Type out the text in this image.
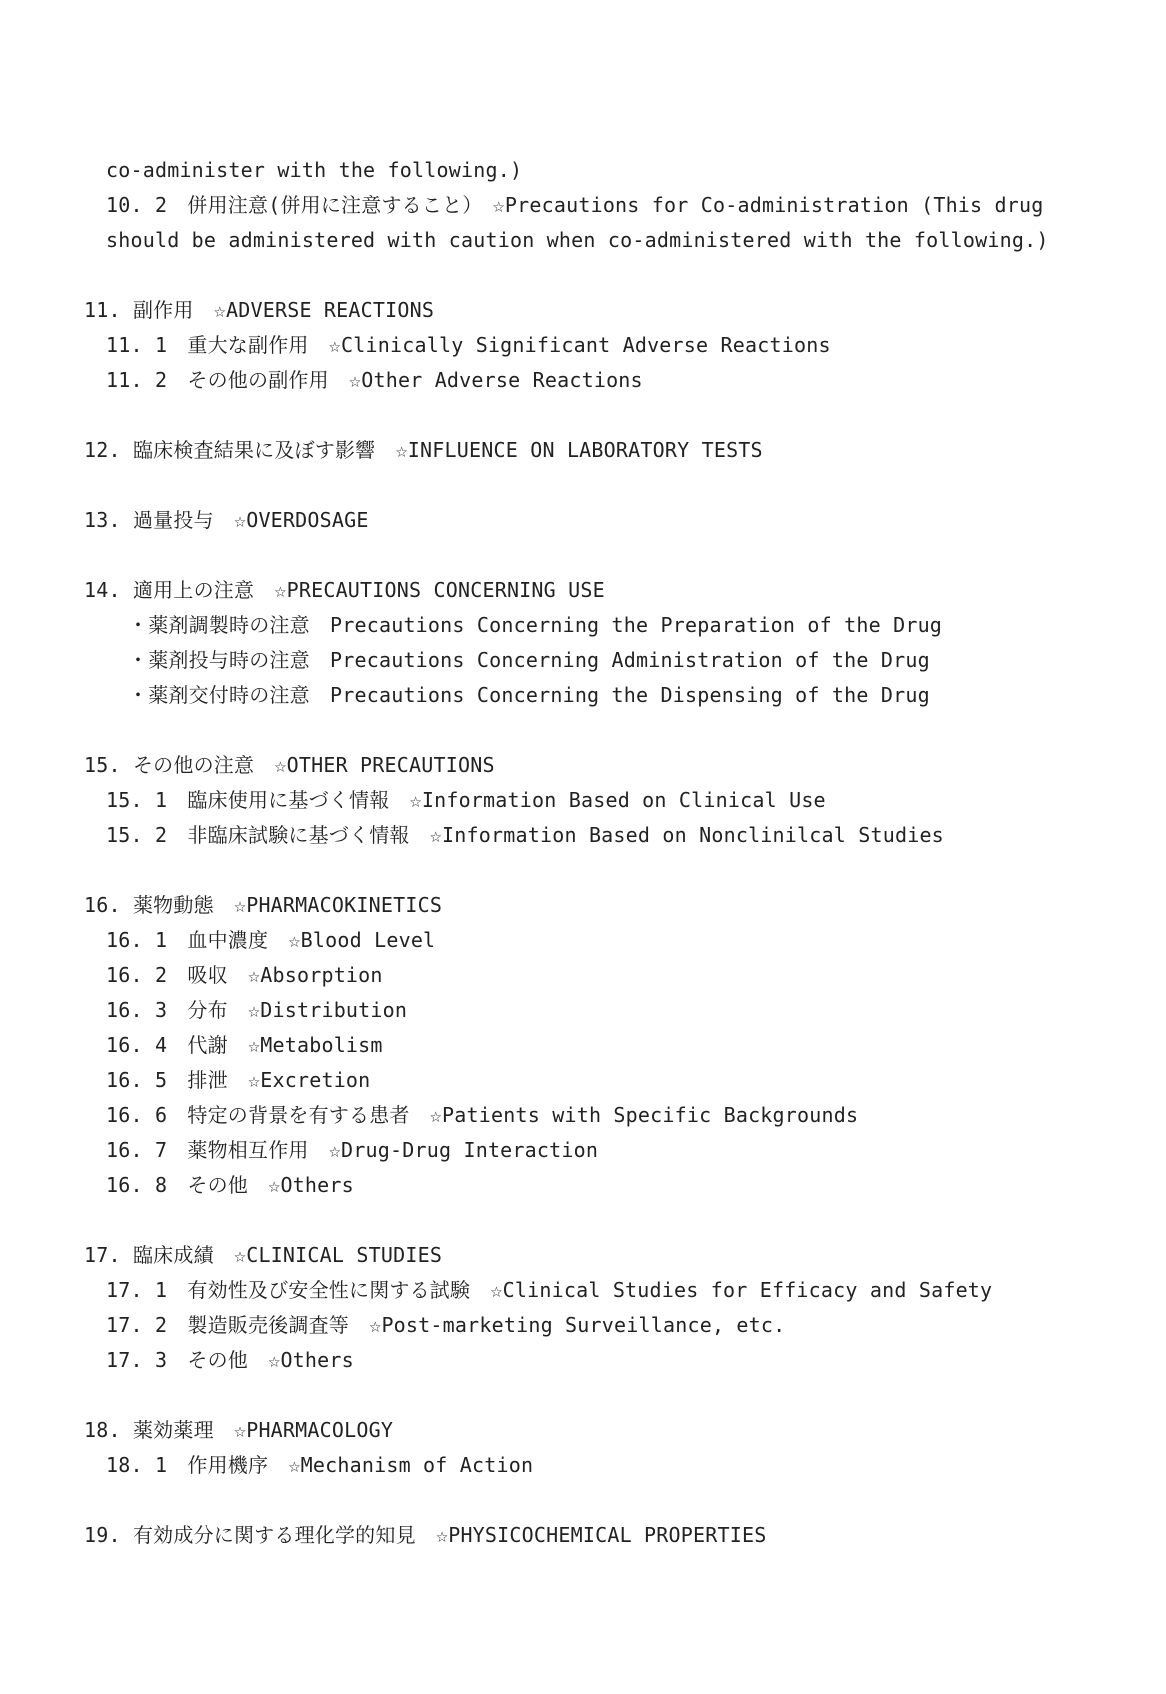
co-administer with the following.)
10. 2　併用注意(併用に注意すること）　☆Precautions for Co-administration (This drug
should be administered with caution when co-administered with the following.)
11. 副作用　☆ADVERSE REACTIONS
11. 1　重大な副作用　☆Clinically Significant Adverse Reactions
11. 2　その他の副作用　☆Other Adverse Reactions
12. 臨床検査結果に及ぼす影響　☆INFLUENCE ON LABORATORY TESTS
13. 過量投与　☆OVERDOSAGE
14. 適用上の注意　☆PRECAUTIONS CONCERNING USE
・薬剤調製時の注意　Precautions Concerning the Preparation of the Drug
・薬剤投与時の注意　Precautions Concerning Administration of the Drug
・薬剤交付時の注意　Precautions Concerning the Dispensing of the Drug
15. その他の注意　☆OTHER PRECAUTIONS
15. 1　臨床使用に基づく情報　☆Information Based on Clinical Use
15. 2　非臨床試験に基づく情報　☆Information Based on Nonclinilcal Studies
16. 薬物動態　☆PHARMACOKINETICS
16. 1　血中濃度　☆Blood Level
16. 2　吸収　☆Absorption
16. 3　分布　☆Distribution
16. 4　代謝　☆Metabolism
16. 5　排泄　☆Excretion
16. 6　特定の背景を有する患者　☆Patients with Specific Backgrounds
16. 7　薬物相互作用　☆Drug-Drug Interaction
16. 8　その他　☆Others
17. 臨床成績　☆CLINICAL STUDIES
17. 1　有効性及び安全性に関する試験　☆Clinical Studies for Efficacy and Safety
17. 2　製造販売後調査等　☆Post-marketing Surveillance, etc.
17. 3　その他　☆Others
18. 薬効薬理　☆PHARMACOLOGY
18. 1　作用機序　☆Mechanism of Action
19. 有効成分に関する理化学的知見　☆PHYSICOCHEMICAL PROPERTIES
